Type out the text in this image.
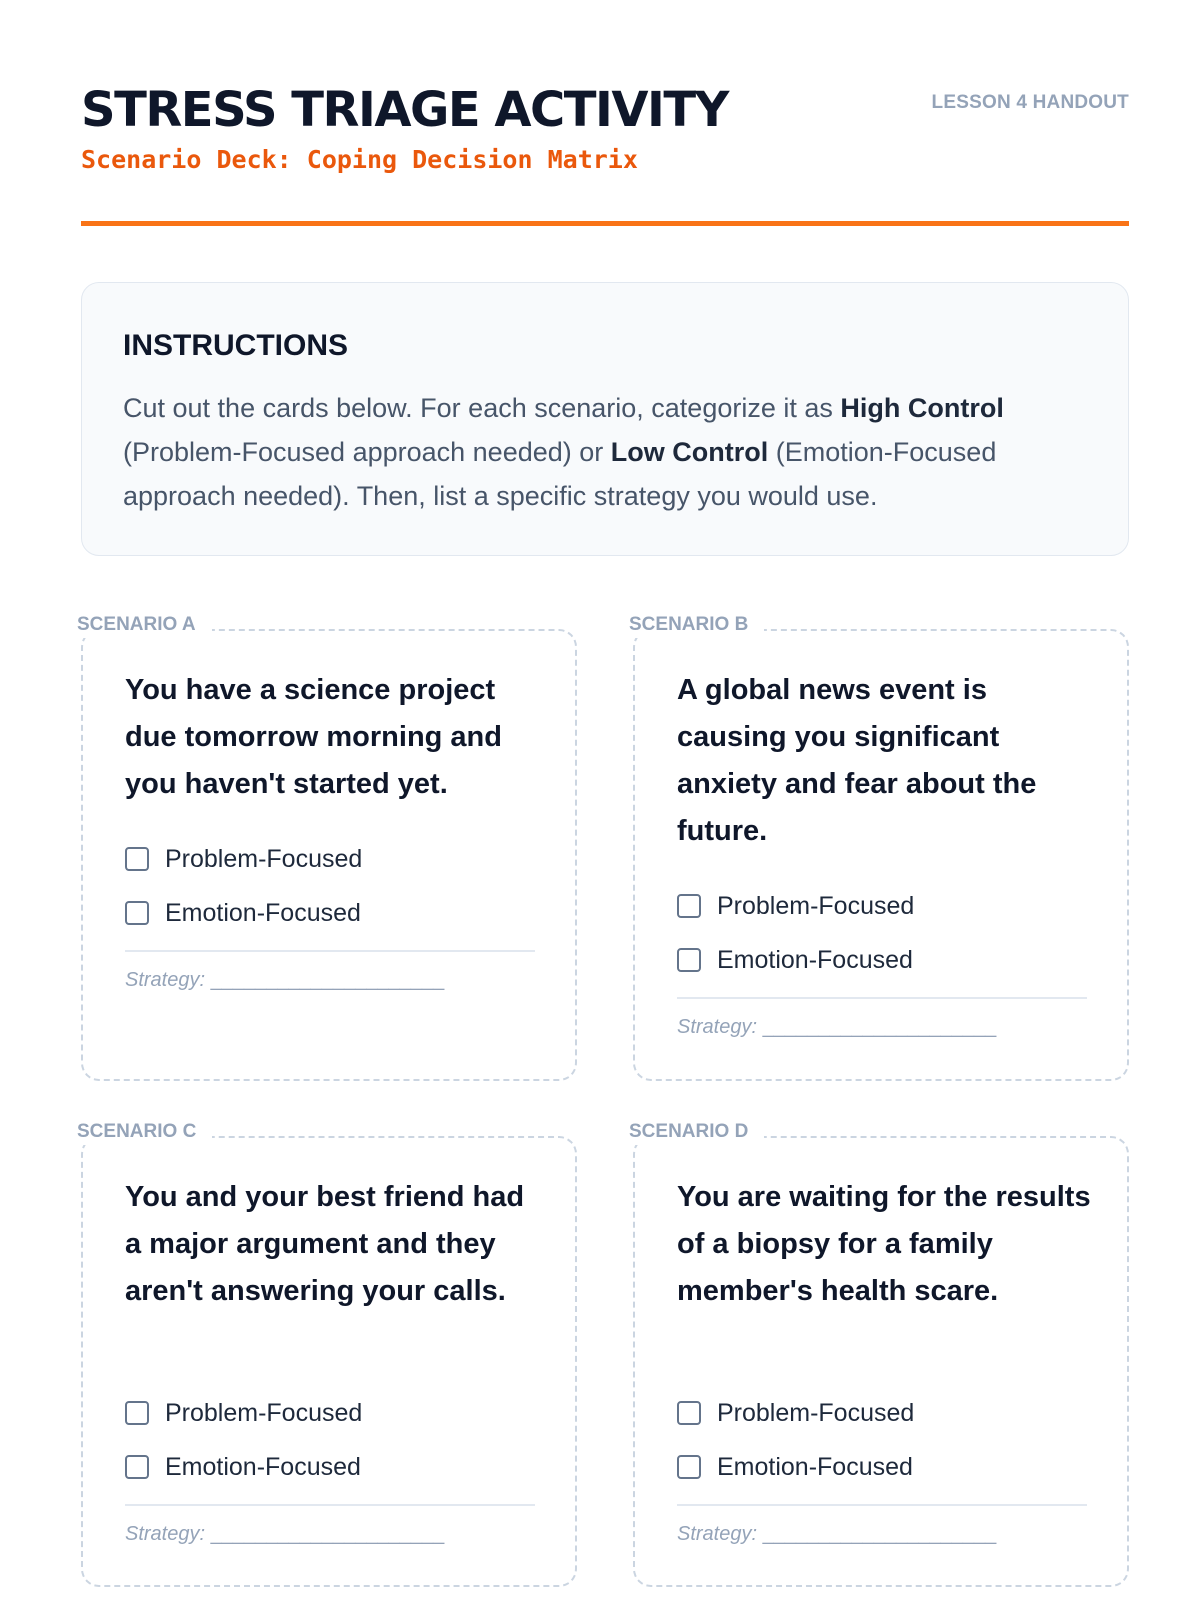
STRESS TRIAGE ACTIVITY
Scenario Deck: Coping Decision Matrix
LESSON 4 HANDOUT
INSTRUCTIONS

Cut out the cards below. For each scenario, categorize it as High Control (Problem-Focused approach needed) or Low Control (Emotion-Focused approach needed). Then, list a specific strategy you would use.

SCENARIO A

You have a science project due tomorrow morning and you haven't started yet.

Problem-Focused
Emotion-Focused
Strategy: _____________________
SCENARIO B

A global news event is causing you significant anxiety and fear about the future.

Problem-Focused
Emotion-Focused
Strategy: _____________________
SCENARIO C

You and your best friend had a major argument and they aren't answering your calls.

Problem-Focused
Emotion-Focused
Strategy: _____________________
SCENARIO D

You are waiting for the results of a biopsy for a family member's health scare.

Problem-Focused
Emotion-Focused
Strategy: _____________________
